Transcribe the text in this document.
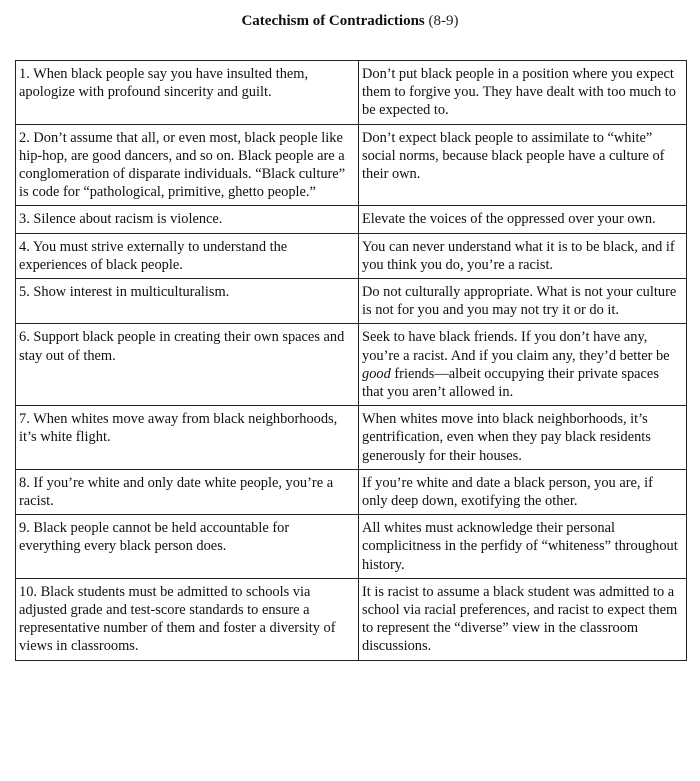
Catechism of Contradictions (8-9)
1. When black people say you have insulted them, apologize with profound sincerity and guilt.	Don’t put black people in a position where you expect them to forgive you. They have dealt with too much to be expected to.
2. Don’t assume that all, or even most, black people like hip-hop, are good dancers, and so on. Black people are a conglomeration of disparate individuals. “Black culture” is code for “pathological, primitive, ghetto people.”	Don’t expect black people to assimilate to “white” social norms, because black people have a culture of their own.
3. Silence about racism is violence.	Elevate the voices of the oppressed over your own.
4. You must strive externally to understand the experiences of black people.	You can never understand what it is to be black, and if you think you do, you’re a racist.
5. Show interest in multiculturalism.	Do not culturally appropriate. What is not your culture is not for you and you may not try it or do it.
6. Support black people in creating their own spaces and stay out of them.	Seek to have black friends. If you don’t have any, you’re a racist. And if you claim any, they’d better be good friends—albeit occupying their private spaces that you aren’t allowed in.
7. When whites move away from black neighborhoods, it’s white flight.	When whites move into black neighborhoods, it’s gentrification, even when they pay black residents generously for their houses.
8. If you’re white and only date white people, you’re a racist.	If you’re white and date a black person, you are, if only deep down, exotifying the other.
9. Black people cannot be held accountable for everything every black person does.	All whites must acknowledge their personal complicitness in the perfidy of “whiteness” throughout history.
10. Black students must be admitted to schools via adjusted grade and test-score standards to ensure a representative number of them and foster a diversity of views in classrooms.	It is racist to assume a black student was admitted to a school via racial preferences, and racist to expect them to represent the “diverse” view in the classroom discussions.
